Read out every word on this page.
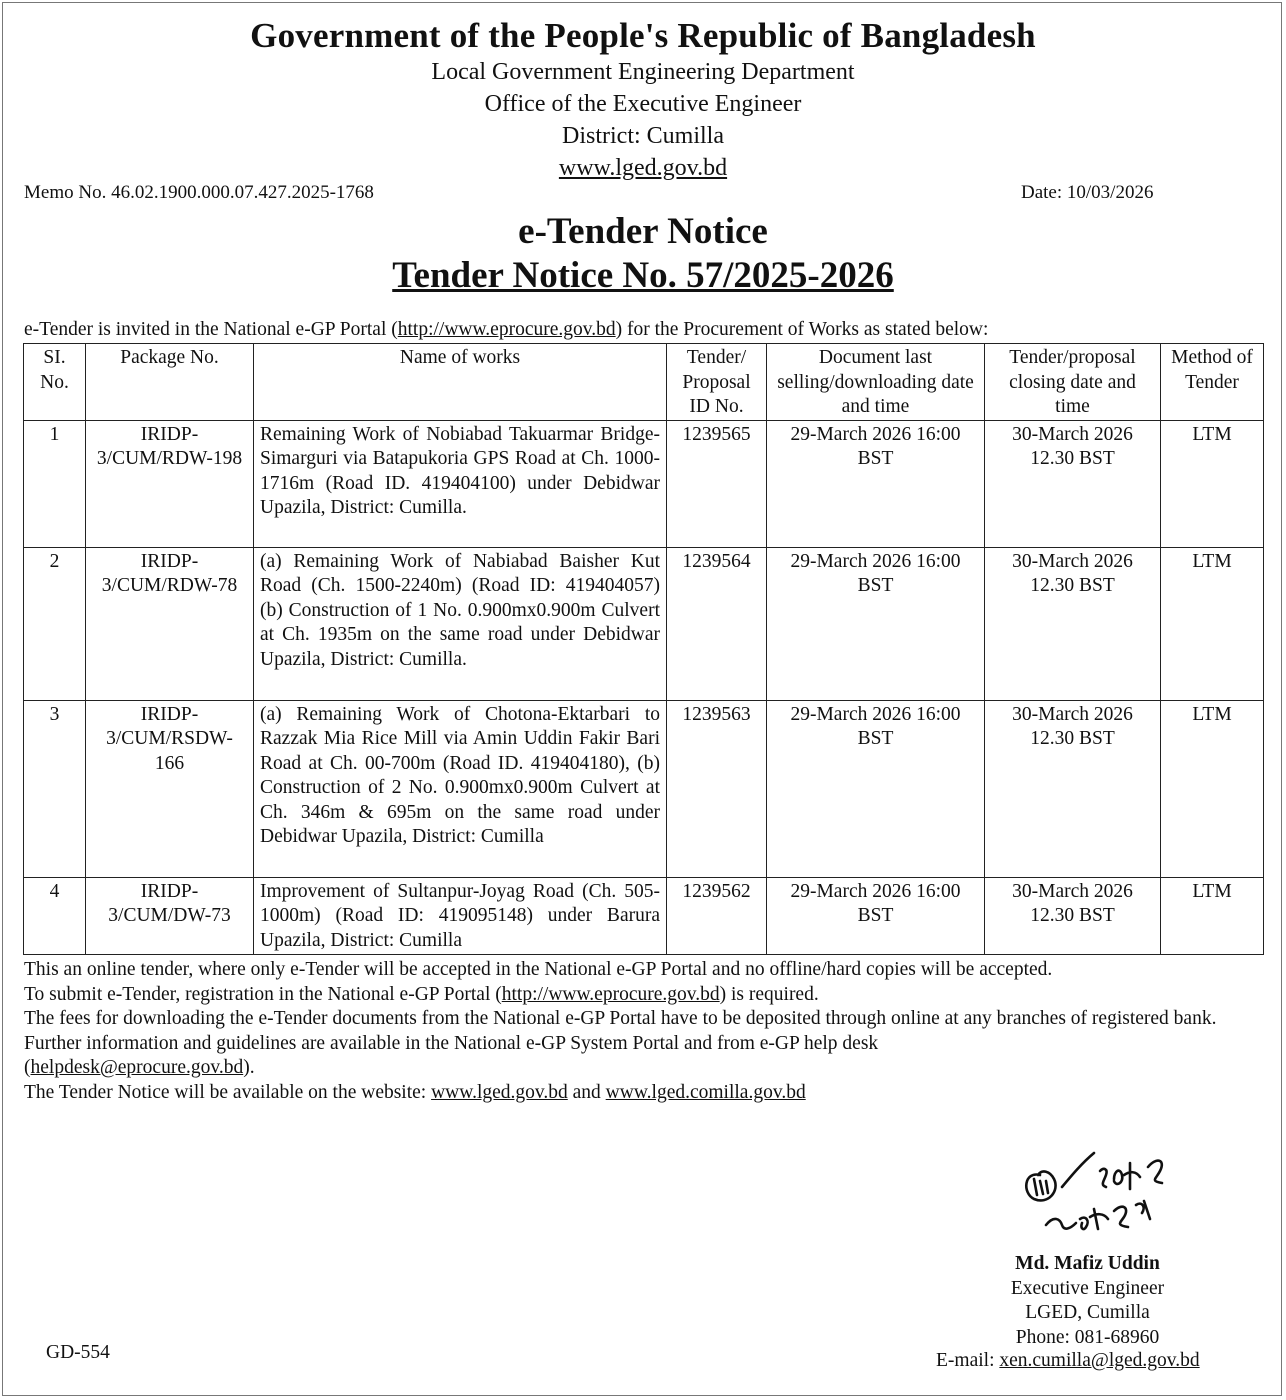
Government of the People's Republic of Bangladesh
Local Government Engineering Department
Office of the Executive Engineer
District: Cumilla
www.lged.gov.bd
Memo No. 46.02.1900.000.07.427.2025-1768	Date: 10/03/2026
e-Tender Notice
Tender Notice No. 57/2025-2026
e-Tender is invited in the National e-GP Portal (http://www.eprocure.gov.bd) for the Procurement of Works as stated below:
SI. No.	Package No.	Name of works	Tender/ Proposal ID No.	Document last selling/downloading date and time	Tender/proposal closing date and time	Method of Tender
1	IRIDP-3/CUM/RDW-198	Remaining Work of Nobiabad Takuarmar Bridge-Simarguri via Batapukoria GPS Road at Ch. 1000-1716m (Road ID. 419404100) under Debidwar Upazila, District: Cumilla.	1239565	29-March 2026 16:00 BST	30-March 2026 12.30 BST	LTM
2	IRIDP-3/CUM/RDW-78	(a) Remaining Work of Nabiabad Baisher Kut Road (Ch. 1500-2240m) (Road ID: 419404057) (b) Construction of 1 No. 0.900mx0.900m Culvert at Ch. 1935m on the same road under Debidwar Upazila, District: Cumilla.	1239564	29-March 2026 16:00 BST	30-March 2026 12.30 BST	LTM
3	IRIDP-3/CUM/RSDW-166	(a) Remaining Work of Chotona-Ektarbari to Razzak Mia Rice Mill via Amin Uddin Fakir Bari Road at Ch. 00-700m (Road ID. 419404180), (b) Construction of 2 No. 0.900mx0.900m Culvert at Ch. 346m & 695m on the same road under Debidwar Upazila, District: Cumilla	1239563	29-March 2026 16:00 BST	30-March 2026 12.30 BST	LTM
4	IRIDP-3/CUM/DW-73	Improvement of Sultanpur-Joyag Road (Ch. 505-1000m) (Road ID: 419095148) under Barura Upazila, District: Cumilla	1239562	29-March 2026 16:00 BST	30-March 2026 12.30 BST	LTM

This an online tender, where only e-Tender will be accepted in the National e-GP Portal and no offline/hard copies will be accepted.

To submit e-Tender, registration in the National e-GP Portal (http://www.eprocure.gov.bd) is required.

The fees for downloading the e-Tender documents from the National e-GP Portal have to be deposited through online at any branches of registered bank.

Further information and guidelines are available in the National e-GP System Portal and from e-GP help desk

(helpdesk@eprocure.gov.bd).

The Tender Notice will be available on the website: www.lged.gov.bd and www.lged.comilla.gov.bd

Md. Mafiz Uddin
Executive Engineer
LGED, Cumilla
Phone: 081-68960
E-mail: xen.cumilla@lged.gov.bd
GD-554
